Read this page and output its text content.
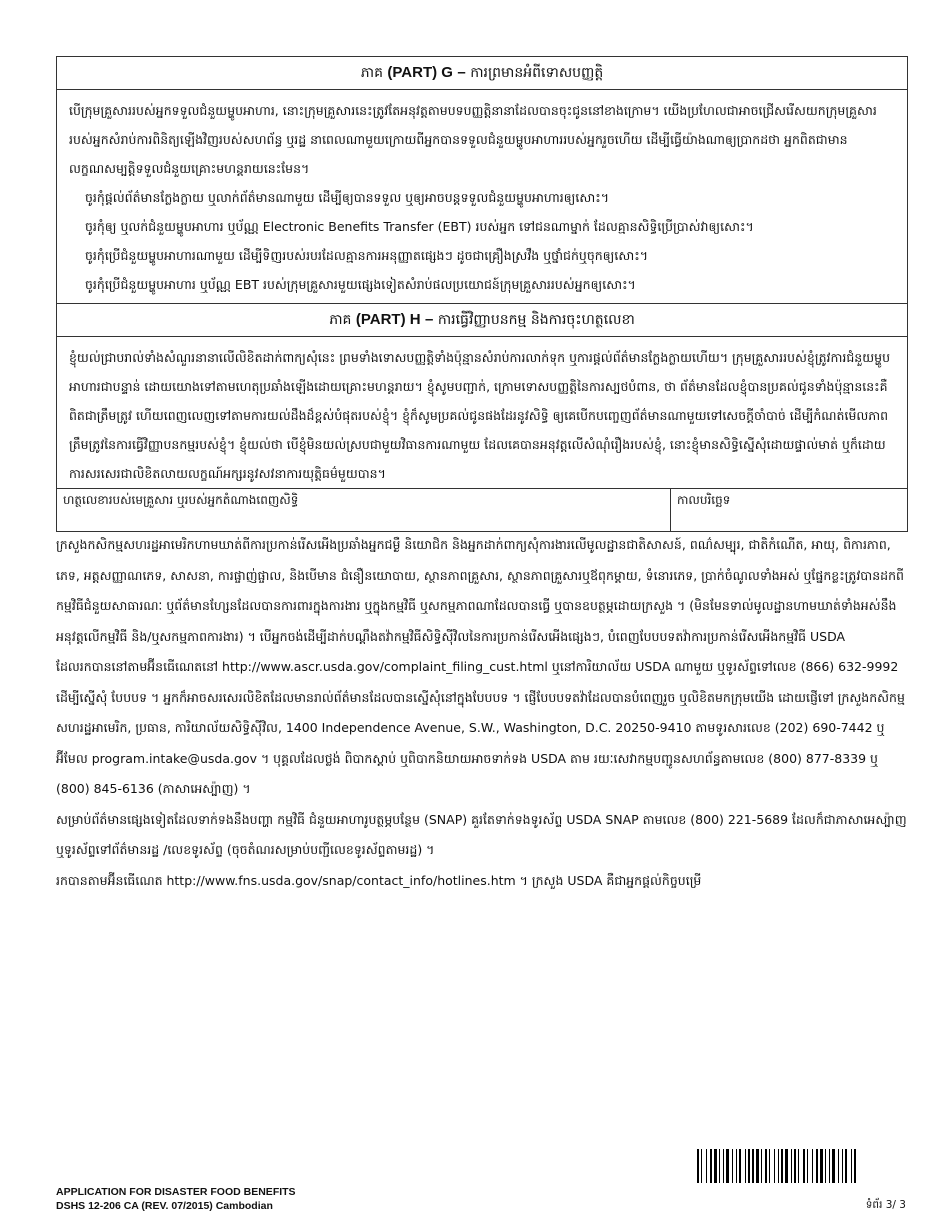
ភាគ (PART) G – ការព្រមានអំពីទោសបញ្ញត្តិ

បើក្រុមគ្រួសាររបស់អ្នកទទួលជំនួយម្ហូបអាហារ, នោះក្រុមគ្រួសារនេះត្រូវតែអនុវត្តតាមបទបញ្ញត្តិនានាដែលបានចុះជូននៅខាងក្រោម។ យើងប្រហែលជាអាចជ្រើសរើសយកក្រុមគ្រួសាររបស់អ្នកសំរាប់ការពិនិត្យឡើងវិញរបស់សហព័ន្ធ ឬរដ្ឋ នាពេលណាមួយក្រោយពីអ្នកបានទទួលជំនួយម្ហូបអាហាររបស់អ្នករួចហើយ ដើម្បីធ្វើយ៉ាងណាឲ្យប្រាកដថា អ្នកពិតជាមានលក្ខណសម្បត្តិទទួលជំនួយគ្រោះមហន្តរាយនេះមែន។

ចូរកុំផ្តល់ព័ត៌មានក្លែងក្លាយ ឬលាក់ព័ត៌មានណាមួយ ដើម្បីឲ្យបានទទួល ឬឲ្យអាចបន្តទទួលជំនួយម្ហូបអាហារឲ្យសោះ។
ចូរកុំឲ្យ ឬលក់ជំនួយម្ហូបអាហារ ឬប័ណ្ណ Electronic Benefits Transfer (EBT) របស់អ្នក ទៅជនណាម្នាក់ ដែលគ្មានសិទ្ធិប្រើប្រាស់វាឲ្យសោះ។
ចូរកុំប្រើជំនួយម្ហូបអាហារណាមួយ ដើម្បីទិញរបស់របរដែលគ្មានការអនុញ្ញាតផ្សេងៗ ដូចជាគ្រឿងស្រវឹង ឬថ្នាំជក់ឬចុកឲ្យសោះ។
ចូរកុំប្រើជំនួយម្ហូបអាហារ ឬប័ណ្ណ EBT របស់ក្រុមគ្រួសារមួយផ្សេងទៀតសំរាប់ផលប្រយោជន៍ក្រុមគ្រួសាររបស់អ្នកឲ្យសោះ។
ភាគ (PART) H – ការធ្វើវិញ្ញាបនកម្ម និងការចុះហត្ថលេខា

ខ្ញុំយល់ជ្រាបរាល់ទាំងសំណួរនានាលើលិខិតដាក់ពាក្យសុំនេះ ព្រមទាំងទោសបញ្ញត្តិទាំងប៉ុន្មានសំរាប់ការលាក់ទុក ឬការផ្តល់ព័ត៌មានក្លែងក្លាយហើយ។ ក្រុមគ្រួសាររបស់ខ្ញុំត្រូវការជំនួយម្ហូបអាហារជាបន្ទាន់ ដោយយោងទៅតាមហេតុប្រឆាំងឡើងដោយគ្រោះមហន្តរាយ។ ខ្ញុំសូមបញ្ជាក់, ក្រោមទោសបញ្ញត្តិនៃការស្បថបំពាន, ថា ព័ត៌មានដែលខ្ញុំបានប្រគល់ជូនទាំងប៉ុន្មាននេះគឺពិតជាត្រឹមត្រូវ ហើយពេញលេញទៅតាមការយល់ដឹងដ៏ខ្ពស់បំផុតរបស់ខ្ញុំ។ ខ្ញុំក៏សូមប្រគល់ជូនផងដែរនូវសិទ្ធិ ឲ្យគេបើកបញ្ចេញព័ត៌មានណាមួយទៅសេចក្តីចាំបាច់ ដើម្បីកំណត់មើលភាពត្រឹមត្រូវនៃការធ្វើវិញ្ញាបនកម្មរបស់ខ្ញុំ។ ខ្ញុំយល់ថា បើខ្ញុំមិនយល់ស្របជាមួយវិធានការណាមួយ ដែលគេបានអនុវត្តលើសំណុំរឿងរបស់ខ្ញុំ, នោះខ្ញុំមានសិទ្ធិស្នើសុំដោយផ្ទាល់មាត់ ឬក៏ដោយការសរសេរជាលិខិតលាយលក្ខណ៍អក្សរនូវសវនាការយុត្តិធម៌មួយបាន។

ហត្ថលេខារបស់មេគ្រួសារ ឬរបស់អ្នកតំណាងពេញសិទ្ធិ	កាលបរិច្ឆេទ

ក្រសួងកសិកម្មសហរដ្ឋអាមេរិកហាមឃាត់ពីការប្រកាន់រើសអើងប្រឆាំងអ្នកជម្ងឺ និយោជិក និងអ្នកដាក់ពាក្យសុំការងារលើមូលដ្ឋានជាតិសាសន៍, ពណ៌សម្បុរ, ជាតិកំណើត, អាយុ, ពិការភាព, ភេទ, អត្តសញ្ញាណភេទ, សាសនា, ការផ្ចាញ់ផ្ចាល, និងបើមាន ជំនឿនយោបាយ, ស្ថានភាពគ្រួសារ, ស្ថានភាពគ្រួសារឬឪពុកម្តាយ, ទំនោរភេទ, ប្រាក់ចំណូលទាំងអស់ ឬផ្នែកខ្លះត្រូវបានដកពីកម្មវិធីជំនួយសាធារណៈ ឬព័ត៌មានហ្សែនដែលបានការពារក្នុងការងារ ឬក្នុងកម្មវិធី ឬសកម្មភាពណាដែលបានធ្វើ ឬបានឧបត្ថម្ភដោយក្រសួង ។ (មិនមែនទាល់មូលដ្ឋានហាមឃាត់ទាំងអស់នឹងអនុវត្តលើកម្មវិធី និង/ឬសកម្មភាពការងារ) ។ បើអ្នកចង់ដើម្បីដាក់បណ្តឹងតវ៉ាកម្មវិធីសិទ្ធិស៊ីវិលនៃការប្រកាន់រើសអើងផ្សេងៗ, បំពេញបែបបទតវ៉ាការប្រកាន់រើសអើងកម្មវិធី USDA

ដែលរកបាននៅតាមអ៊ីនធើណេតនៅ http://www.ascr.usda.gov/complaint_filing_cust.html ឬនៅការិយាល័យ USDA ណាមួយ ឬទូរស័ព្ទទៅលេខ (866) 632-9992 ដើម្បីស្នើសុំ បែបបទ ។ អ្នកក៏អាចសរសេរលិខិតដែលមានរាល់ព័ត៌មានដែលបានស្នើសុំនៅក្នុងបែបបទ ។ ផ្ញើបែបបទតវ៉ាដែលបានបំពេញរួច ឬលិខិតមកក្រុមយើង ដោយផ្ញើទៅ ក្រសួងកសិកម្មសហរដ្ឋអាមេរិក, ប្រធាន, ការិយាល័យសិទ្ធិស៊ីវិល, 1400 Independence Avenue, S.W., Washington, D.C. 20250-9410 តាមទូរសារលេខ (202) 690-7442 ឬអ៊ីមែល program.intake@usda.gov ។ បុគ្គលដែលថ្លង់ ពិបាកស្តាប់ ឬពិបាកនិយាយអាចទាក់ទង USDA តាម រយៈសេវាកម្មបញ្ជូនសហព័ន្ធតាមលេខ (800) 877-8339 ឬ (800) 845-6136 (ភាសាអេស្ប៉ាញ) ។

សម្រាប់ព័ត៌មានផ្សេងទៀតដែលទាក់ទងនឹងបញ្ហា កម្មវិធី ជំនួយអាហារូបត្ថម្ភបន្ថែម (SNAP) គួរតែទាក់ទងទូរស័ព្ទ USDA SNAP តាមលេខ (800) 221-5689 ដែលក៏ជាភាសាអេស្ប៉ាញ ឬទូរស័ព្ទទៅព័ត៌មានរដ្ឋ /លេខទូរស័ព្ទ (ចុចតំណរសម្រាប់បញ្ជីលេខទូរស័ព្ទតាមរដ្ឋ) ។

រកបានតាមអ៊ីនធើណេត http://www.fns.usda.gov/snap/contact_info/hotlines.htm ។ ក្រសួង USDA គឺជាអ្នកផ្តល់កិច្ចបម្រើ

APPLICATION FOR DISASTER FOOD BENEFITS
DSHS 12-206 CA (REV. 07/2015) Cambodian	ទំព័រ 3/ 3
